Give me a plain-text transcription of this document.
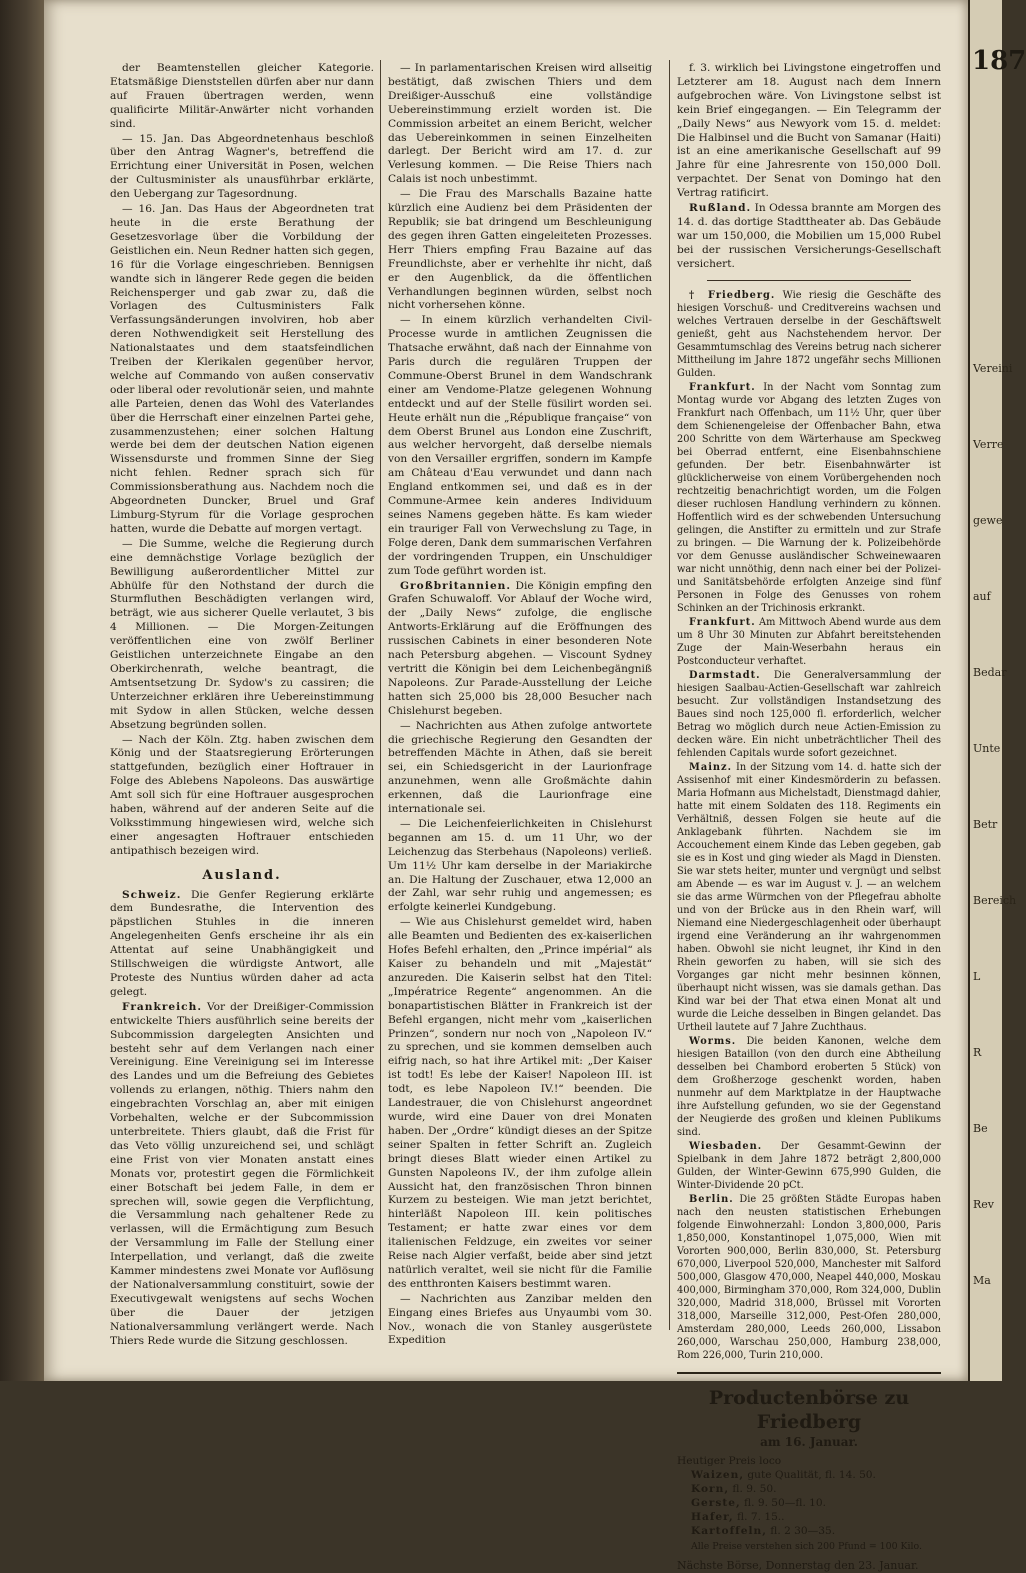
der Beamtenstellen gleicher Kategorie. Etatsmäßige Dienststellen dürfen aber nur dann auf Frauen übertragen werden, wenn qualificirte Militär-Anwärter nicht vorhanden sind.

— 15. Jan. Das Abgeordnetenhaus beschloß über den Antrag Wagner's, betreffend die Errichtung einer Universität in Posen, welchen der Cultusminister als unausführbar erklärte, den Uebergang zur Tagesordnung.

— 16. Jan. Das Haus der Abgeordneten trat heute in die erste Berathung der Gesetzesvorlage über die Vorbildung der Geistlichen ein. Neun Redner hatten sich gegen, 16 für die Vorlage eingeschrieben. Bennigsen wandte sich in längerer Rede gegen die beiden Reichensperger und gab zwar zu, daß die Vorlagen des Cultusministers Falk Verfassungsänderungen involviren, hob aber deren Nothwendigkeit seit Herstellung des Nationalstaates und dem staatsfeindlichen Treiben der Klerikalen gegenüber hervor, welche auf Commando von außen conservativ oder liberal oder revolutionär seien, und mahnte alle Parteien, denen das Wohl des Vaterlandes über die Herrschaft einer einzelnen Partei gehe, zusammenzustehen; einer solchen Haltung werde bei dem der deutschen Nation eigenen Wissensdurste und frommen Sinne der Sieg nicht fehlen. Redner sprach sich für Commissionsberathung aus. Nachdem noch die Abgeordneten Duncker, Bruel und Graf Limburg-Styrum für die Vorlage gesprochen hatten, wurde die Debatte auf morgen vertagt.

— Die Summe, welche die Regierung durch eine demnächstige Vorlage bezüglich der Bewilligung außerordentlicher Mittel zur Abhülfe für den Nothstand der durch die Sturmfluthen Beschädigten verlangen wird, beträgt, wie aus sicherer Quelle verlautet, 3 bis 4 Millionen. — Die Morgen-Zeitungen veröffentlichen eine von zwölf Berliner Geistlichen unterzeichnete Eingabe an den Oberkirchenrath, welche beantragt, die Amtsentsetzung Dr. Sydow's zu cassiren; die Unterzeichner erklären ihre Uebereinstimmung mit Sydow in allen Stücken, welche dessen Absetzung begründen sollen.

— Nach der Köln. Ztg. haben zwischen dem König und der Staatsregierung Erörterungen stattgefunden, bezüglich einer Hoftrauer in Folge des Ablebens Napoleons. Das auswärtige Amt soll sich für eine Hoftrauer ausgesprochen haben, während auf der anderen Seite auf die Volksstimmung hingewiesen wird, welche sich einer angesagten Hoftrauer entschieden antipathisch bezeigen wird.

Ausland.

Schweiz. Die Genfer Regierung erklärte dem Bundesrathe, die Intervention des päpstlichen Stuhles in die inneren Angelegenheiten Genfs erscheine ihr als ein Attentat auf seine Unabhängigkeit und Stillschweigen die würdigste Antwort, alle Proteste des Nuntius würden daher ad acta gelegt.

Frankreich. Vor der Dreißiger-Commission entwickelte Thiers ausführlich seine bereits der Subcommission dargelegten Ansichten und besteht sehr auf dem Verlangen nach einer Vereinigung. Eine Vereinigung sei im Interesse des Landes und um die Befreiung des Gebietes vollends zu erlangen, nöthig. Thiers nahm den eingebrachten Vorschlag an, aber mit einigen Vorbehalten, welche er der Subcommission unterbreitete. Thiers glaubt, daß die Frist für das Veto völlig unzureichend sei, und schlägt eine Frist von vier Monaten anstatt eines Monats vor, protestirt gegen die Förmlichkeit einer Botschaft bei jedem Falle, in dem er sprechen will, sowie gegen die Verpflichtung, die Versammlung nach gehaltener Rede zu verlassen, will die Ermächtigung zum Besuch der Versammlung im Falle der Stellung einer Interpellation, und verlangt, daß die zweite Kammer mindestens zwei Monate vor Auflösung der Nationalversammlung constituirt, sowie der Executivgewalt wenigstens auf sechs Wochen über die Dauer der jetzigen Nationalversammlung verlängert werde. Nach Thiers Rede wurde die Sitzung geschlossen.

— In parlamentarischen Kreisen wird allseitig bestätigt, daß zwischen Thiers und dem Dreißiger-Ausschuß eine vollständige Uebereinstimmung erzielt worden ist. Die Commission arbeitet an einem Bericht, welcher das Uebereinkommen in seinen Einzelheiten darlegt. Der Bericht wird am 17. d. zur Verlesung kommen. — Die Reise Thiers nach Calais ist noch unbestimmt.

— Die Frau des Marschalls Bazaine hatte kürzlich eine Audienz bei dem Präsidenten der Republik; sie bat dringend um Beschleunigung des gegen ihren Gatten eingeleiteten Prozesses. Herr Thiers empfing Frau Bazaine auf das Freundlichste, aber er verhehlte ihr nicht, daß er den Augenblick, da die öffentlichen Verhandlungen beginnen würden, selbst noch nicht vorhersehen könne.

— In einem kürzlich verhandelten Civil-Processe wurde in amtlichen Zeugnissen die Thatsache erwähnt, daß nach der Einnahme von Paris durch die regulären Truppen der Commune-Oberst Brunel in dem Wandschrank einer am Vendome-Platze gelegenen Wohnung entdeckt und auf der Stelle füsilirt worden sei. Heute erhält nun die „République française“ von dem Oberst Brunel aus London eine Zuschrift, aus welcher hervorgeht, daß derselbe niemals von den Versailler ergriffen, sondern im Kampfe am Château d'Eau verwundet und dann nach England entkommen sei, und daß es in der Commune-Armee kein anderes Individuum seines Namens gegeben hätte. Es kam wieder ein trauriger Fall von Verwechslung zu Tage, in Folge deren, Dank dem summarischen Verfahren der vordringenden Truppen, ein Unschuldiger zum Tode geführt worden ist.

Großbritannien. Die Königin empfing den Grafen Schuwaloff. Vor Ablauf der Woche wird, der „Daily News“ zufolge, die englische Antworts-Erklärung auf die Eröffnungen des russischen Cabinets in einer besonderen Note nach Petersburg abgehen. — Viscount Sydney vertritt die Königin bei dem Leichenbegängniß Napoleons. Zur Parade-Ausstellung der Leiche hatten sich 25,000 bis 28,000 Besucher nach Chislehurst begeben.

— Nachrichten aus Athen zufolge antwortete die griechische Regierung den Gesandten der betreffenden Mächte in Athen, daß sie bereit sei, ein Schiedsgericht in der Laurionfrage anzunehmen, wenn alle Großmächte dahin erkennen, daß die Laurionfrage eine internationale sei.

— Die Leichenfeierlichkeiten in Chislehurst begannen am 15. d. um 11 Uhr, wo der Leichenzug das Sterbehaus (Napoleons) verließ. Um 11½ Uhr kam derselbe in der Mariakirche an. Die Haltung der Zuschauer, etwa 12,000 an der Zahl, war sehr ruhig und angemessen; es erfolgte keinerlei Kundgebung.

— Wie aus Chislehurst gemeldet wird, haben alle Beamten und Bedienten des ex-kaiserlichen Hofes Befehl erhalten, den „Prince impérial“ als Kaiser zu behandeln und mit „Majestät“ anzureden. Die Kaiserin selbst hat den Titel: „Impératrice Regente“ angenommen. An die bonapartistischen Blätter in Frankreich ist der Befehl ergangen, nicht mehr vom „kaiserlichen Prinzen“, sondern nur noch von „Napoleon IV.“ zu sprechen, und sie kommen demselben auch eifrig nach, so hat ihre Artikel mit: „Der Kaiser ist todt! Es lebe der Kaiser! Napoleon III. ist todt, es lebe Napoleon IV.!“ beenden. Die Landestrauer, die von Chislehurst angeordnet wurde, wird eine Dauer von drei Monaten haben. Der „Ordre“ kündigt dieses an der Spitze seiner Spalten in fetter Schrift an. Zugleich bringt dieses Blatt wieder einen Artikel zu Gunsten Napoleons IV., der ihm zufolge allein Aussicht hat, den französischen Thron binnen Kurzem zu besteigen. Wie man jetzt berichtet, hinterläßt Napoleon III. kein politisches Testament; er hatte zwar eines vor dem italienischen Feldzuge, ein zweites vor seiner Reise nach Algier verfaßt, beide aber sind jetzt natürlich veraltet, weil sie nicht für die Familie des entthronten Kaisers bestimmt waren.

— Nachrichten aus Zanzibar melden den Eingang eines Briefes aus Unyaumbi vom 30. Nov., wonach die von Stanley ausgerüstete Expedition

f. 3. wirklich bei Livingstone eingetroffen und Letzterer am 18. August nach dem Innern aufgebrochen wäre. Von Livingstone selbst ist kein Brief eingegangen. — Ein Telegramm der „Daily News“ aus Newyork vom 15. d. meldet: Die Halbinsel und die Bucht von Samanar (Haiti) ist an eine amerikanische Gesellschaft auf 99 Jahre für eine Jahresrente von 150,000 Doll. verpachtet. Der Senat von Domingo hat den Vertrag ratificirt.

Rußland. In Odessa brannte am Morgen des 14. d. das dortige Stadttheater ab. Das Gebäude war um 150,000, die Mobilien um 15,000 Rubel bei der russischen Versicherungs-Gesellschaft versichert.

† Friedberg. Wie riesig die Geschäfte des hiesigen Vorschuß- und Creditvereins wachsen und welches Vertrauen derselbe in der Geschäftswelt genießt, geht aus Nachstehendem hervor. Der Gesammtumschlag des Vereins betrug nach sicherer Mittheilung im Jahre 1872 ungefähr sechs Millionen Gulden.

Frankfurt. In der Nacht vom Sonntag zum Montag wurde vor Abgang des letzten Zuges von Frankfurt nach Offenbach, um 11½ Uhr, quer über dem Schienengeleise der Offenbacher Bahn, etwa 200 Schritte von dem Wärterhause am Speckweg bei Oberrad entfernt, eine Eisenbahnschiene gefunden. Der betr. Eisenbahnwärter ist glücklicherweise von einem Vorübergehenden noch rechtzeitig benachrichtigt worden, um die Folgen dieser ruchlosen Handlung verhindern zu können. Hoffentlich wird es der schwebenden Untersuchung gelingen, die Anstifter zu ermitteln und zur Strafe zu bringen. — Die Warnung der k. Polizeibehörde vor dem Genusse ausländischer Schweinewaaren war nicht unnöthig, denn nach einer bei der Polizei- und Sanitätsbehörde erfolgten Anzeige sind fünf Personen in Folge des Genusses von rohem Schinken an der Trichinosis erkrankt.

Frankfurt. Am Mittwoch Abend wurde aus dem um 8 Uhr 30 Minuten zur Abfahrt bereitstehenden Zuge der Main-Weserbahn heraus ein Postconducteur verhaftet.

Darmstadt. Die Generalversammlung der hiesigen Saalbau-Actien-Gesellschaft war zahlreich besucht. Zur vollständigen Instandsetzung des Baues sind noch 125,000 fl. erforderlich, welcher Betrag wo möglich durch neue Actien-Emission zu decken wäre. Ein nicht unbeträchtlicher Theil des fehlenden Capitals wurde sofort gezeichnet.

Mainz. In der Sitzung vom 14. d. hatte sich der Assisenhof mit einer Kindesmörderin zu befassen. Maria Hofmann aus Michelstadt, Dienstmagd dahier, hatte mit einem Soldaten des 118. Regiments ein Verhältniß, dessen Folgen sie heute auf die Anklagebank führten. Nachdem sie im Accouchement einem Kinde das Leben gegeben, gab sie es in Kost und ging wieder als Magd in Diensten. Sie war stets heiter, munter und vergnügt und selbst am Abende — es war im August v. J. — an welchem sie das arme Würmchen von der Pflegefrau abholte und von der Brücke aus in den Rhein warf, will Niemand eine Niedergeschlagenheit oder überhaupt irgend eine Veränderung an ihr wahrgenommen haben. Obwohl sie nicht leugnet, ihr Kind in den Rhein geworfen zu haben, will sie sich des Vorganges gar nicht mehr besinnen können, überhaupt nicht wissen, was sie damals gethan. Das Kind war bei der That etwa einen Monat alt und wurde die Leiche desselben in Bingen gelandet. Das Urtheil lautete auf 7 Jahre Zuchthaus.

Worms. Die beiden Kanonen, welche dem hiesigen Bataillon (von den durch eine Abtheilung desselben bei Chambord eroberten 5 Stück) von dem Großherzoge geschenkt worden, haben nunmehr auf dem Marktplatze in der Hauptwache ihre Aufstellung gefunden, wo sie der Gegenstand der Neugierde des großen und kleinen Publikums sind.

Wiesbaden. Der Gesammt-Gewinn der Spielbank in dem Jahre 1872 beträgt 2,800,000 Gulden, der Winter-Gewinn 675,990 Gulden, die Winter-Dividende 20 pCt.

Berlin. Die 25 größten Städte Europas haben nach den neusten statistischen Erhebungen folgende Einwohnerzahl: London 3,800,000, Paris 1,850,000, Konstantinopel 1,075,000, Wien mit Vororten 900,000, Berlin 830,000, St. Petersburg 670,000, Liverpool 520,000, Manchester mit Salford 500,000, Glasgow 470,000, Neapel 440,000, Moskau 400,000, Birmingham 370,000, Rom 324,000, Dublin 320,000, Madrid 318,000, Brüssel mit Vororten 318,000, Marseille 312,000, Pest-Ofen 280,000, Amsterdam 280,000, Leeds 260,000, Lissabon 260,000, Warschau 250,000, Hamburg 238,000, Rom 226,000, Turin 210,000.

Productenbörse zu Friedberg
am 16. Januar.
Heutiger Preis loco
Waizen, gute Qualität, fl. 14. 50.
Korn, fl. 9. 50.
Gerste, fl. 9. 50—fl. 10.
Hafer, fl. 7. 15..
Kartoffeln, fl. 2 30—35.
Alle Preise verstehen sich 200 Pfund = 100 Kilo.
Nächste Börse, Donnerstag den 23. Januar.
187
Vereini
Verre
gewe
auf
Bedar
Unte
Betr
Bereich
L
R
Be
Rev
Ma
